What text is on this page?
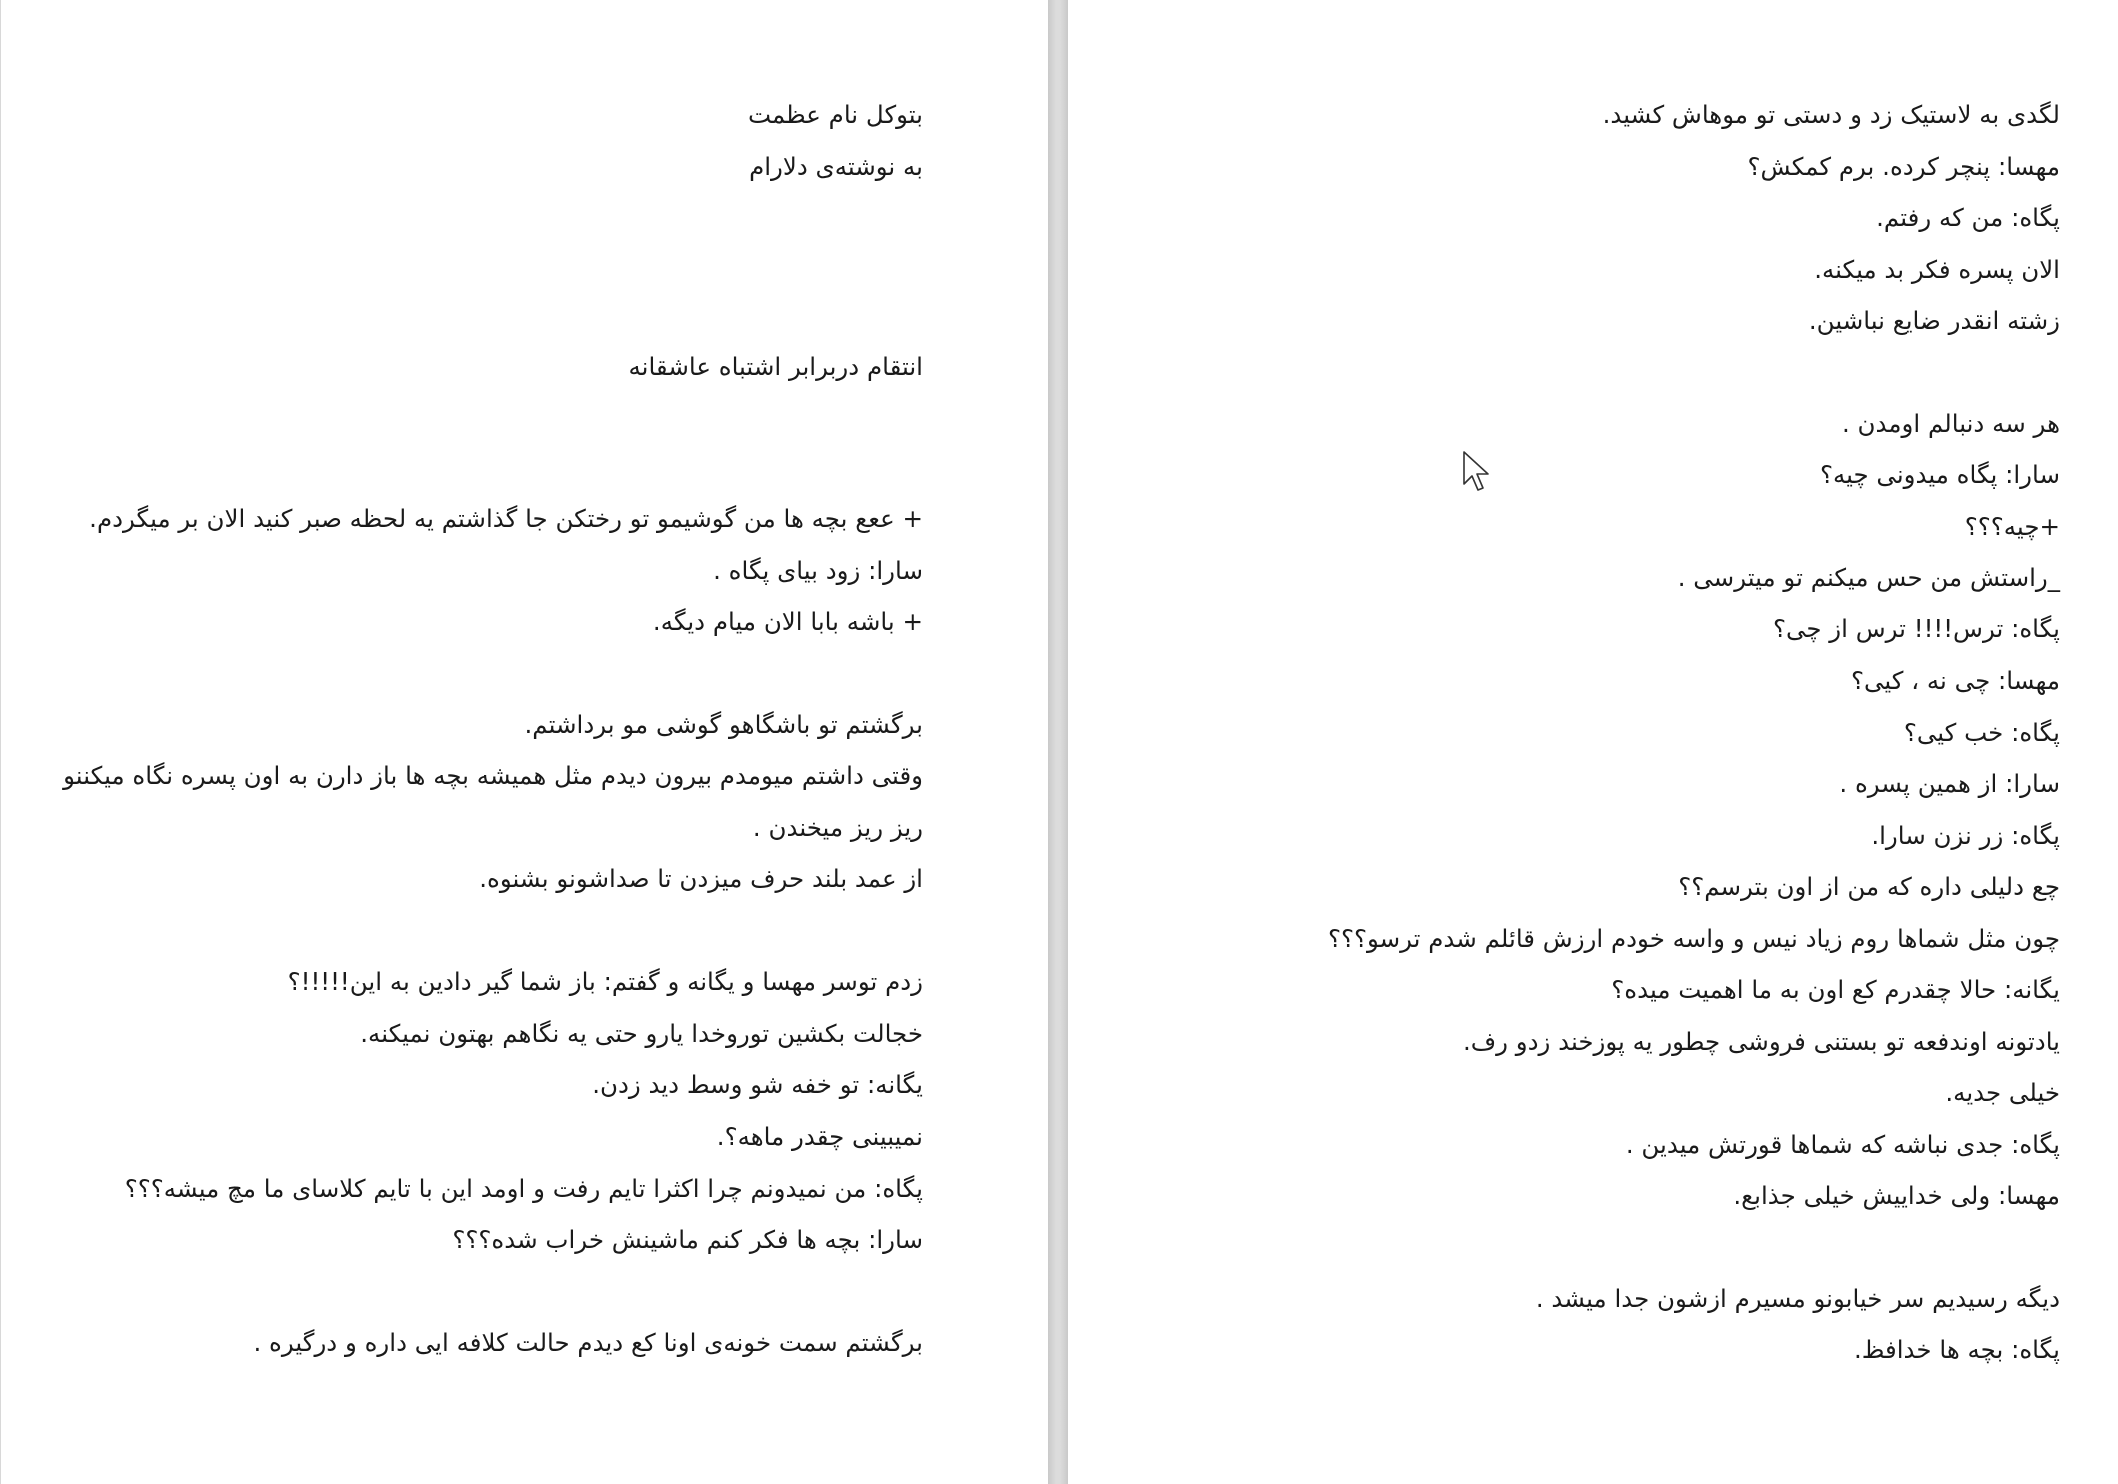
بتوکل نام عظمت
به نوشته‌ی دلارام
انتقام دربرابر اشتباه عاشقانه
+ ععع بچه ها من گوشیمو تو رختکن جا گذاشتم یه لحظه صبر کنید الان بر میگردم.
سارا: زود بیای پگاه .
+ باشه بابا الان میام دیگه.
برگشتم تو باشگاهو گوشی مو برداشتم.
وقتی داشتم میومدم بیرون دیدم مثل همیشه بچه ها باز دارن به اون پسره نگاه میکننو
ریز ریز میخندن .
از عمد بلند حرف میزدن تا صداشونو بشنوه.
زدم توسر مهسا و یگانه و گفتم: باز شما گیر دادین به این!!!!!؟
خجالت بکشین توروخدا یارو حتی یه نگاهم بهتون نمیکنه.
یگانه: تو خفه شو وسط دید زدن.
نمیبینی چقدر ماهه؟.
پگاه: من نمیدونم چرا اکثرا تایم رفت و اومد این با تایم کلاسای ما مچ میشه؟؟؟
سارا: بچه ها فکر کنم ماشینش خراب شده؟؟؟
برگشتم سمت خونه‌ی اونا کع دیدم حالت کلافه ایی داره و درگیره .
لگدی به لاستیک زد و دستی تو موهاش کشید.
مهسا: پنچر کرده. برم کمکش؟
پگاه: من که رفتم.
الان پسره فکر بد میکنه.
زشته انقدر ضایع نباشین.
هر سه دنبالم اومدن .
سارا: پگاه میدونی چیه؟
+چیه؟؟؟
_راستش من حس میکنم تو میترسی .
پگاه: ترس!!!! ترس از چی؟
مهسا: چی نه ، کیی؟
پگاه: خب کیی؟
سارا: از همین پسره .
پگاه: زر نزن سارا.
چع دلیلی داره که من از اون بترسم؟؟
چون مثل شماها روم زیاد نیس و واسه خودم ارزش قائلم شدم ترسو؟؟؟
یگانه: حالا چقدرم کع اون به ما اهمیت میده؟
یادتونه اوندفعه تو بستنی فروشی چطور یه پوزخند زدو رف.
خیلی جدیه.
پگاه: جدی نباشه که شماها قورتش میدین .
مهسا: ولی خداییش خیلی جذابع.
دیگه رسیدیم سر خیابونو مسیرم ازشون جدا میشد .
پگاه: بچه ها خدافظ.
